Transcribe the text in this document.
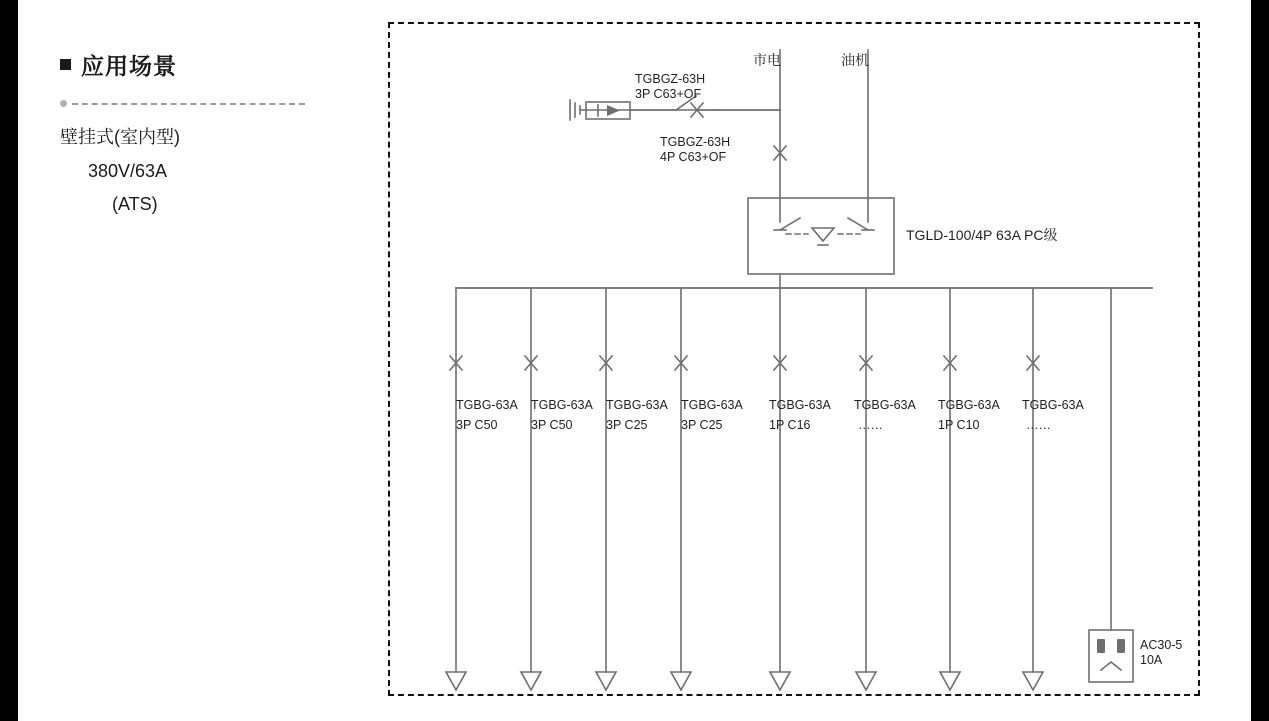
应用场景
壁挂式(室内型)
380V/63A
(ATS)
市电	油机
TGBGZ-63H
3P C63+OF
TGBGZ-63H
4P C63+OF
TGLD-100/4P 63A PC级
TGBG-63A
3P C50
TGBG-63A
3P C50
TGBG-63A
3P C25
TGBG-63A
3P C25
TGBG-63A
1P C16
TGBG-63A
……
TGBG-63A
1P C10
TGBG-63A
……
AC30-5
10A
